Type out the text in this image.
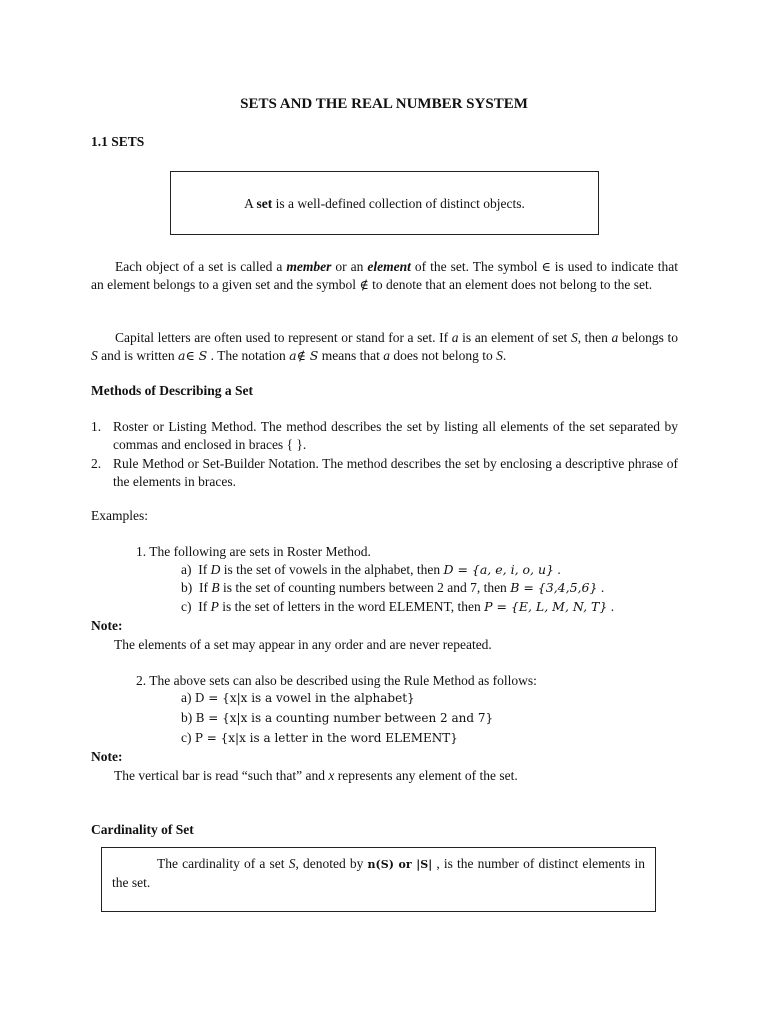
SETS AND THE REAL NUMBER SYSTEM
1.1 SETS
A set is a well-defined collection of distinct objects.
Each object of a set is called a member or an element of the set. The symbol ∈ is used to indicate that an element belongs to a given set and the symbol ∉ to denote that an element does not belong to the set.
Capital letters are often used to represent or stand for a set. If a is an element of set S, then a belongs to S and is written a∈ S . The notation a∉ S means that a does not belong to S.
Methods of Describing a Set
1. Roster or Listing Method. The method describes the set by listing all elements of the set separated by commas and enclosed in braces { }.
2. Rule Method or Set-Builder Notation. The method describes the set by enclosing a descriptive phrase of the elements in braces.
Examples:
1. The following are sets in Roster Method.
a) If D is the set of vowels in the alphabet, then D = {a, e, i, o, u} .
b) If B is the set of counting numbers between 2 and 7, then B = {3,4,5,6} .
c) If P is the set of letters in the word ELEMENT, then P = {E, L, M, N, T} .
Note:
The elements of a set may appear in any order and are never repeated.
2. The above sets can also be described using the Rule Method as follows:
a) D = {x|x is a vowel in the alphabet}
b) B = {x|x is a counting number between 2 and 7}
c) P = {x|x is a letter in the word ELEMENT}
Note:
The vertical bar is read “such that” and x represents any element of the set.
Cardinality of Set
The cardinality of a set S, denoted by n(S) or |S| , is the number of distinct elements in the set.
